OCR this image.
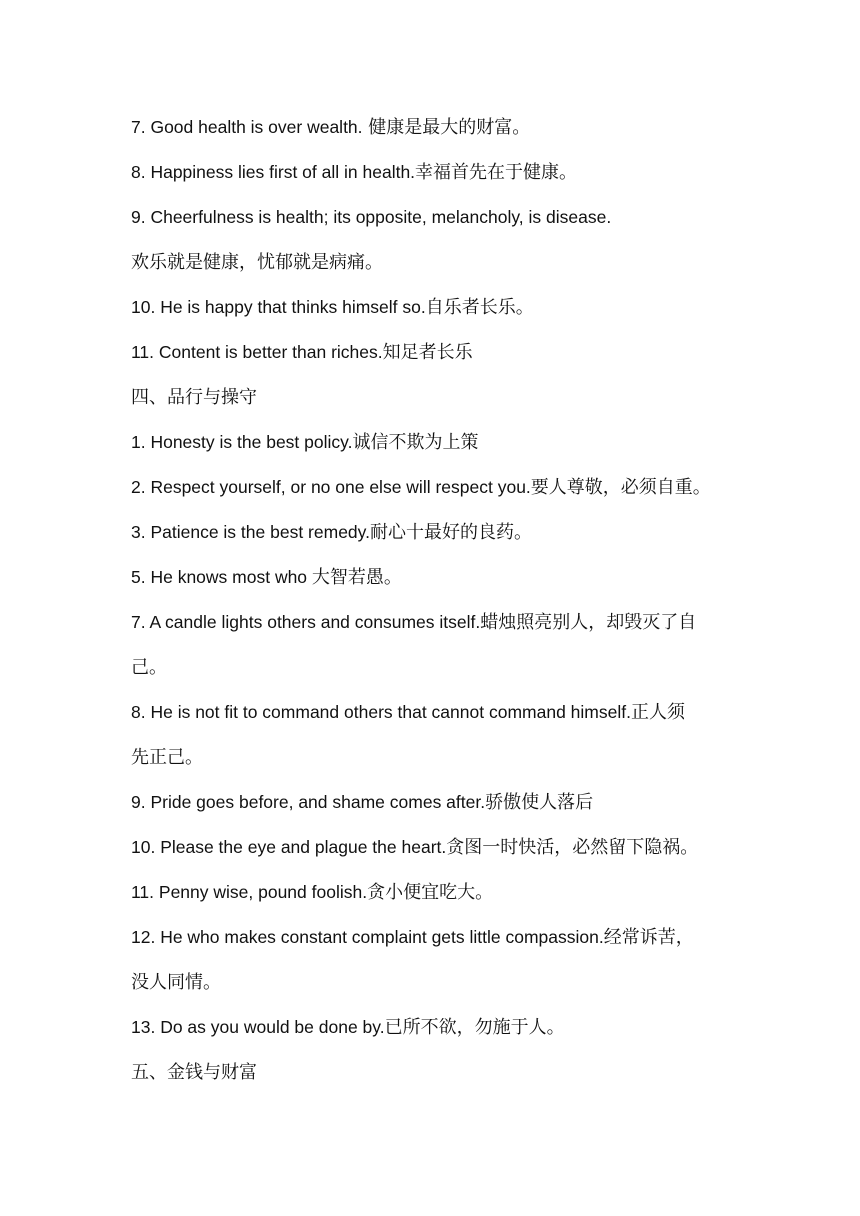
7. Good health is over wealth. 健康是最大的财富。
8. Happiness lies first of all in health.幸福首先在于健康。
9. Cheerfulness is health; its opposite, melancholy, is disease.
欢乐就是健康，忧郁就是病痛。
10. He is happy that thinks himself so.自乐者长乐。
11. Content is better than riches.知足者长乐
四、品行与操守
1. Honesty is the best policy.诚信不欺为上策
2. Respect yourself, or no one else will respect you.要人尊敬，必须自重。
3. Patience is the best remedy.耐心十最好的良药。
5. He knows most who 大智若愚。
7. A candle lights others and consumes itself.蜡烛照亮别人，却毁灭了自
己。
8. He is not fit to command others that cannot command himself.正人须
先正己。
9. Pride goes before, and shame comes after.骄傲使人落后
10. Please the eye and plague the heart.贪图一时快活，必然留下隐祸。
11. Penny wise, pound foolish.贪小便宜吃大。
12. He who makes constant complaint gets little compassion.经常诉苦，
没人同情。
13. Do as you would be done by.已所不欲，勿施于人。
五、金钱与财富
